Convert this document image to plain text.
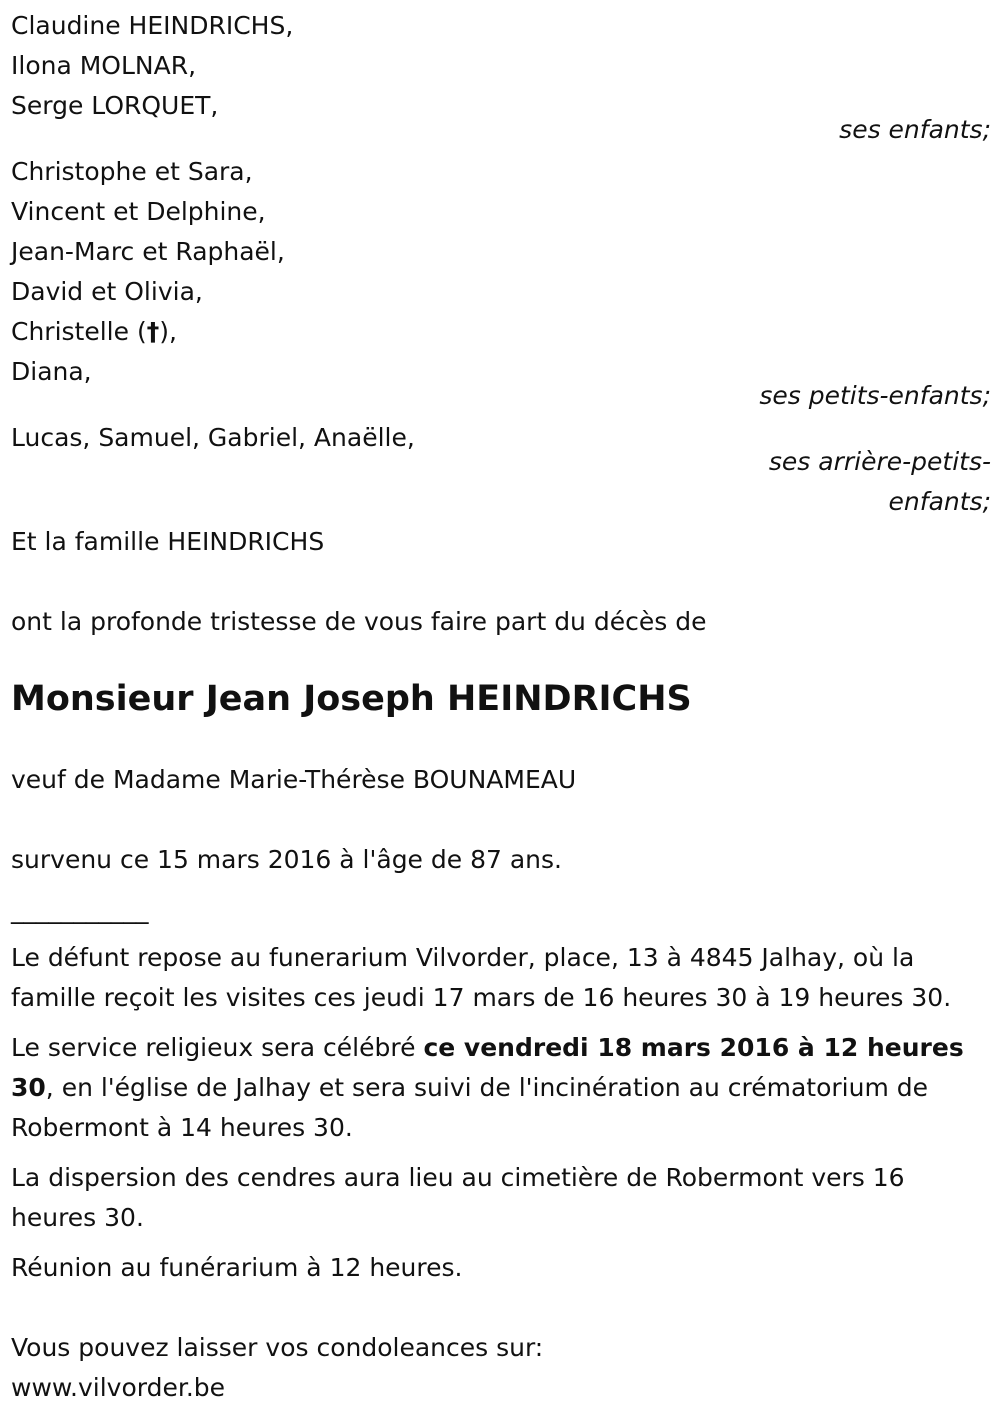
Claudine HEINDRICHS,
Ilona MOLNAR,
Serge LORQUET,
ses enfants;
Christophe et Sara,
Vincent et Delphine,
Jean-Marc et Raphaël,
David et Olivia,
Christelle (†),
Diana,
ses petits-enfants;
Lucas, Samuel, Gabriel, Anaëlle,
ses arrière-petits-
enfants;
Et la famille HEINDRICHS
ont la profonde tristesse de vous faire part du décès de
Monsieur Jean Joseph HEINDRICHS
veuf de Madame Marie-Thérèse BOUNAMEAU
survenu ce 15 mars 2016 à l'âge de 87 ans.
___________
Le défunt repose au funerarium Vilvorder, place, 13 à 4845 Jalhay, où la famille reçoit les visites ces jeudi 17 mars de 16 heures 30 à 19 heures 30.
Le service religieux sera célébré ce vendredi 18 mars 2016 à 12 heures 30, en l'église de Jalhay et sera suivi de l'incinération au crématorium de Robermont à 14 heures 30.
La dispersion des cendres aura lieu au cimetière de Robermont vers 16 heures 30.
Réunion au funérarium à 12 heures.
Vous pouvez laisser vos condoleances sur:
www.vilvorder.be
